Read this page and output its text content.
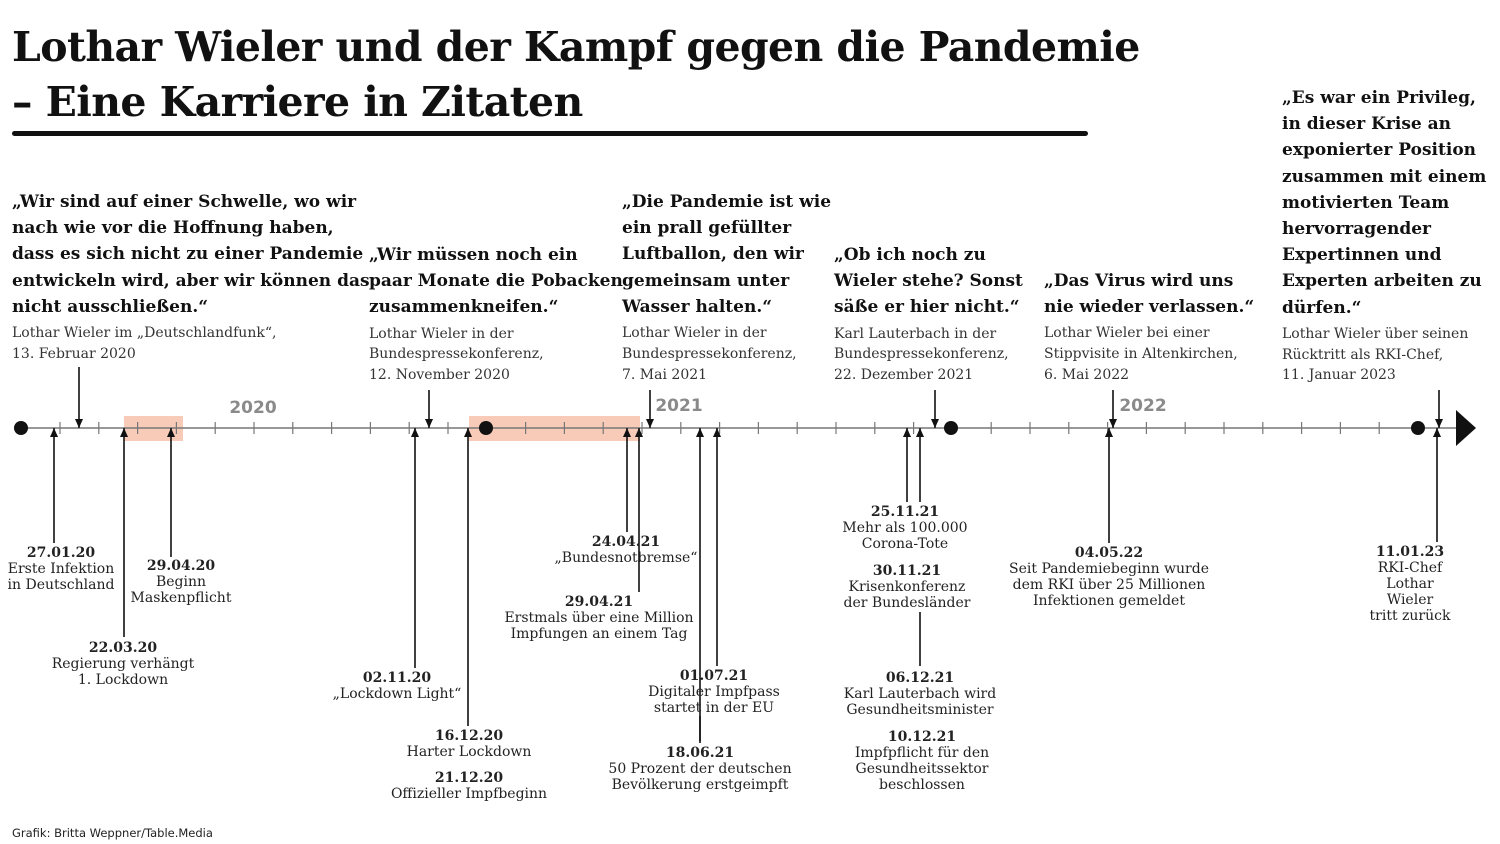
Lothar Wieler und der Kampf gegen die Pandemie
– Eine Karriere in Zitaten
2020	2021	2022
„Wir sind auf einer Schwelle, wo wir
nach wie vor die Hoffnung haben,
dass es sich nicht zu einer Pandemie
entwickeln wird, aber wir können das
nicht ausschließen.“
Lothar Wieler im „Deutschlandfunk“,
13. Februar 2020
„Wir müssen noch ein
paar Monate die Pobacken
zusammenkneifen.“
Lothar Wieler in der
Bundespressekonferenz,
12. November 2020
„Die Pandemie ist wie
ein prall gefüllter
Luftballon, den wir
gemeinsam unter
Wasser halten.“
Lothar Wieler in der
Bundespressekonferenz,
7. Mai 2021
„Ob ich noch zu
Wieler stehe? Sonst
säße er hier nicht.“
Karl Lauterbach in der
Bundespressekonferenz,
22. Dezember 2021
„Das Virus wird uns
nie wieder verlassen.“
Lothar Wieler bei einer
Stippvisite in Altenkirchen,
6. Mai 2022
„Es war ein Privileg,
in dieser Krise an
exponierter Position
zusammen mit einem
motivierten Team
hervorragender
Expertinnen und
Experten arbeiten zu
dürfen.“
Lothar Wieler über seinen
Rücktritt als RKI-Chef,
11. Januar 2023
27.01.20
Erste Infektion
in Deutschland
29.04.20
Beginn
Maskenpflicht
22.03.20
Regierung verhängt
1. Lockdown	02.11.20
„Lockdown Light“
16.12.20
Harter Lockdown
21.12.20
Offizieller Impfbeginn
24.04.21
„Bundesnotbremse“
29.04.21
Erstmals über eine Million
Impfungen an einem Tag
01.07.21
Digitaler Impfpass
startet in der EU
18.06.21
50 Prozent der deutschen
Bevölkerung erstgeimpft
25.11.21
Mehr als 100.000
Corona-Tote
30.11.21
Krisenkonferenz
der Bundesländer
06.12.21
Karl Lauterbach wird
Gesundheitsminister
10.12.21
Impfpflicht für den
Gesundheitssektor
beschlossen
04.05.22
Seit Pandemiebeginn wurde
dem RKI über 25 Millionen
Infektionen gemeldet
11.01.23
RKI-Chef Lothar Wieler
tritt zurück
Grafik: Britta Weppner/Table.Media
